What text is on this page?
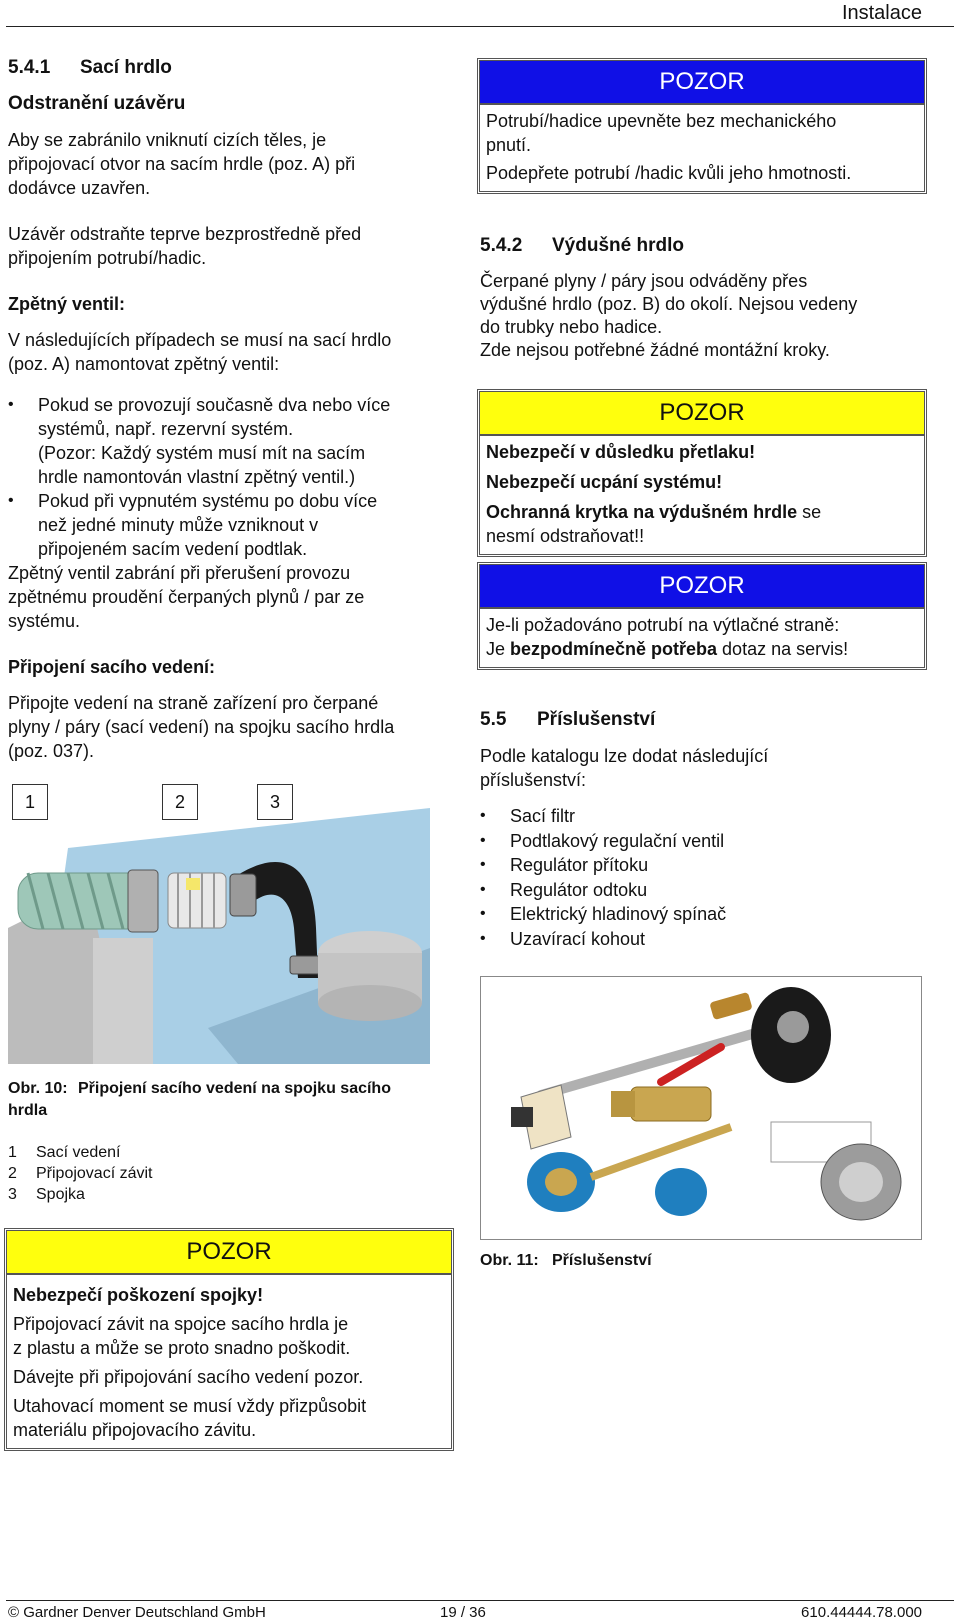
Instalace
5.4.1 Sací hrdlo

Odstranění uzávěru

Aby se zabránilo vniknutí cizích těles, je

připojovací otvor na sacím hrdle (poz. A) při

dodávce uzavřen.

Uzávěr odstraňte teprve bezprostředně před

připojením potrubí/hadic.

Zpětný ventil:

V následujících případech se musí na sací hrdlo

(poz. A) namontovat zpětný ventil:

• Pokud se provozují současně dva nebo více

systémů, např. rezervní systém.

(Pozor: Každý systém musí mít na sacím

hrdle namontován vlastní zpětný ventil.)

• Pokud při vypnutém systému po dobu více

než jedné minuty může vzniknout v

připojeném sacím vedení podtlak.

Zpětný ventil zabrání při přerušení provozu

zpětnému proudění čerpaných plynů / par ze

systému.

Připojení sacího vedení:

Připojte vedení na straně zařízení pro čerpané

plyny / páry (sací vedení) na spojku sacího hrdla

(poz. 037).

1	2	3
Obr. 10: Připojení sacího vedení na spojku sacího

hrdla

1 Sací vedení
2 Připojovací závit
3 Spojka
POZOR

Nebezpečí poškození spojky!

Připojovací závit na spojce sacího hrdla je

z plastu a může se proto snadno poškodit.

Dávejte při připojování sacího vedení pozor.

Utahovací moment se musí vždy přizpůsobit

materiálu připojovacího závitu.

POZOR

Potrubí/hadice upevněte bez mechanického

pnutí.

Podepřete potrubí /hadic kvůli jeho hmotnosti.

5.4.2 Výdušné hrdlo

Čerpané plyny / páry jsou odváděny přes

výdušné hrdlo (poz. B) do okolí. Nejsou vedeny

do trubky nebo hadice.

Zde nejsou potřebné žádné montážní kroky.

POZOR

Nebezpečí v důsledku přetlaku!

Nebezpečí ucpání systému!

Ochranná krytka na výdušném hrdle se

nesmí odstraňovat!!

POZOR

Je-li požadováno potrubí na výtlačné straně:

Je bezpodmínečně potřeba dotaz na servis!

5.5 Příslušenství

Podle katalogu lze dodat následující

příslušenství:

• Sací filtr
• Podtlakový regulační ventil
• Regulátor přítoku
• Regulátor odtoku
• Elektrický hladinový spínač
• Uzavírací kohout
Obr. 11: Příslušenství
© Gardner Denver Deutschland GmbH	19 / 36	610.44444.78.000
